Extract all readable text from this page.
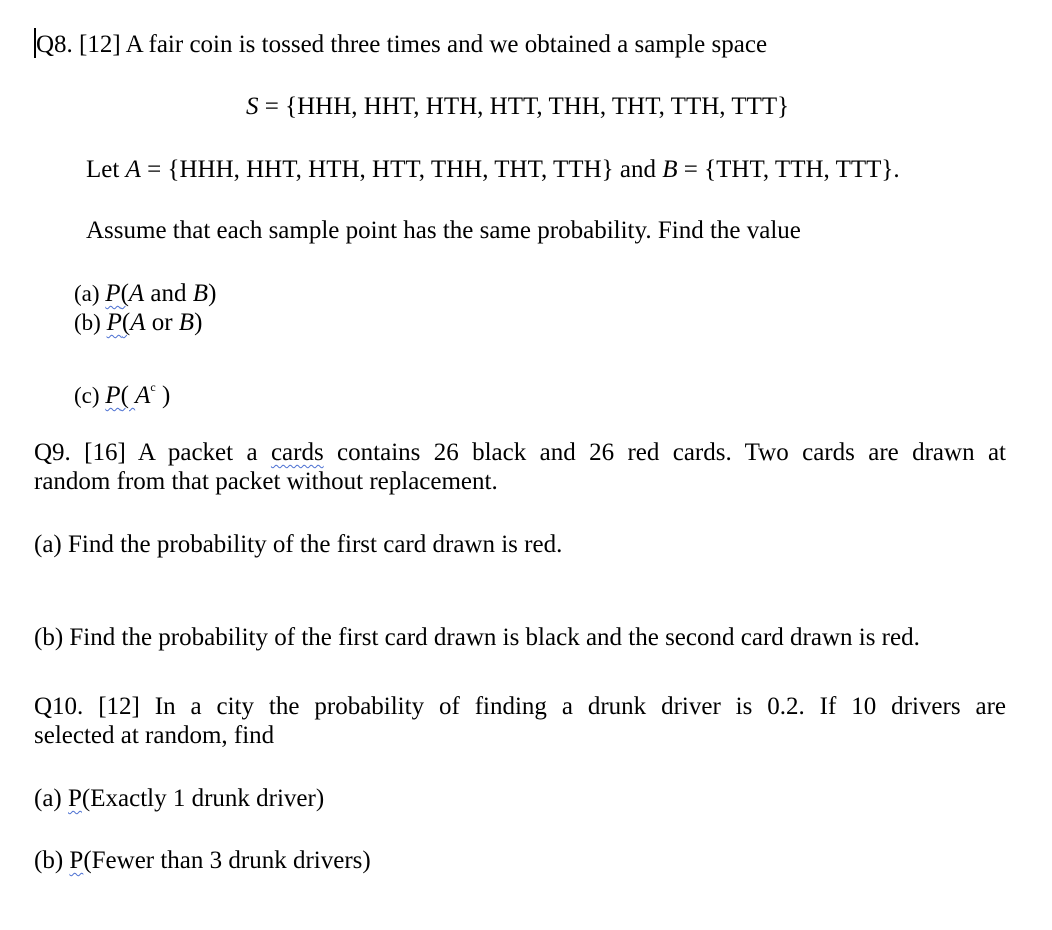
Q8. [12] A fair coin is tossed three times and we obtained a sample space
S = {HHH, HHT, HTH, HTT, THH, THT, TTH, TTT}
Let A = {HHH, HHT, HTH, HTT, THH, THT, TTH} and B = {THT, TTH, TTT}.
Assume that each sample point has the same probability. Find the value
(a) P(A and B)
(b) P(A or B)
(c) P( $A^c$ )
Q9. [16] A packet a cards contains 26 black and 26 red cards. Two cards are drawn at
random from that packet without replacement.
(a) Find the probability of the first card drawn is red.
(b) Find the probability of the first card drawn is black and the second card drawn is red.
Q10. [12] In a city the probability of finding a drunk driver is 0.2. If 10 drivers are
selected at random, find
(a) P(Exactly 1 drunk driver)
(b) P(Fewer than 3 drunk drivers)
